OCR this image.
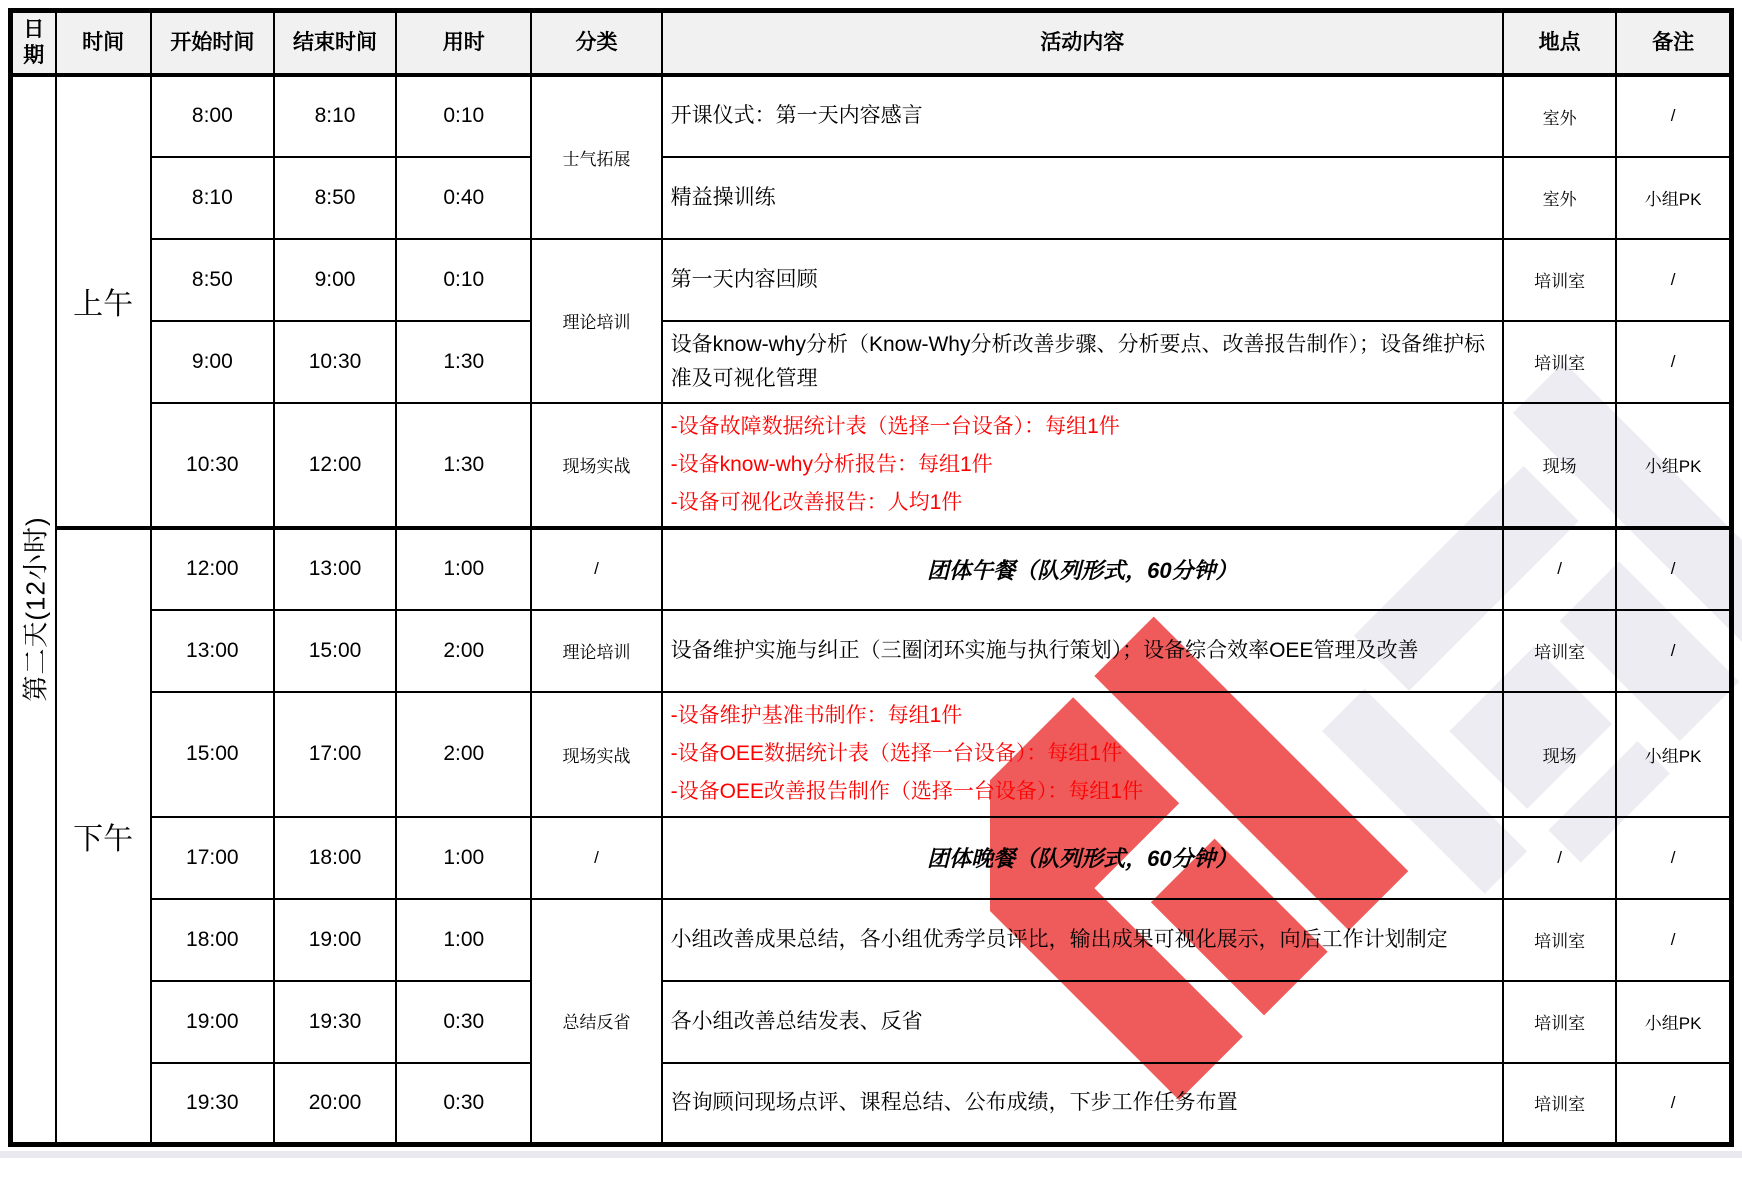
日期	时间	开始时间	结束时间	用时	分类	活动内容	地点	备注

第二天(12小时)	上午	8:00	8:10	0:10	士气拓展	开课仪式：第一天内容感言	室外	/
		8:10	8:50	0:40		精益操训练	室外	小组PK
		8:50	9:00	0:10	理论培训	第一天内容回顾	培训室	/
		9:00	10:30	1:30		设备know-why分析（Know-Why分析改善步骤、分析要点、改善报告制作）；设备维护标准及可视化管理	培训室	/
		10:30	12:00	1:30	现场实战	-设备故障数据统计表（选择一台设备）：每组1件
-设备know-why分析报告：每组1件
-设备可视化改善报告：人均1件	现场	小组PK
	下午	12:00	13:00	1:00	/	团体午餐（队列形式，60分钟）	/	/
		13:00	15:00	2:00	理论培训	设备维护实施与纠正（三圈闭环实施与执行策划）；设备综合效率OEE管理及改善	培训室	/
		15:00	17:00	2:00	现场实战	-设备维护基准书制作：每组1件
-设备OEE数据统计表（选择一台设备）：每组1件
-设备OEE改善报告制作（选择一台设备）：每组1件	现场	小组PK
		17:00	18:00	1:00	/	团体晚餐（队列形式，60分钟）	/	/
		18:00	19:00	1:00	总结反省	小组改善成果总结，各小组优秀学员评比，输出成果可视化展示，向后工作计划制定	培训室	/
		19:00	19:30	0:30		各小组改善总结发表、反省	培训室	小组PK
		19:30	20:00	0:30		咨询顾问现场点评、课程总结、公布成绩，下步工作任务布置	培训室	/
